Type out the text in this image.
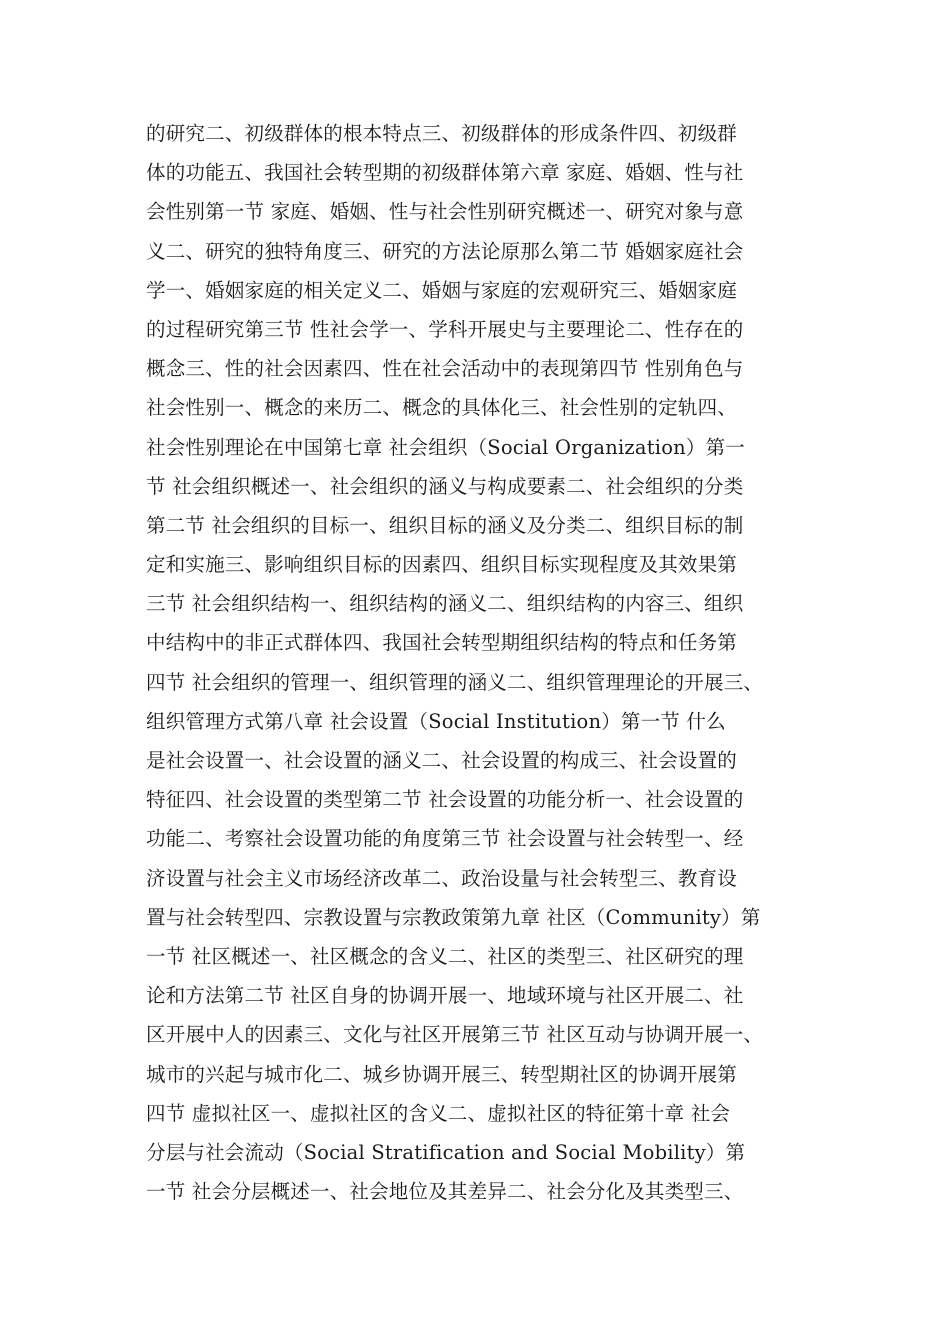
的研究二、初级群体的根本特点三、初级群体的形成条件四、初级群
体的功能五、我国社会转型期的初级群体第六章 家庭、婚姻、性与社
会性别第一节 家庭、婚姻、性与社会性别研究概述一、研究对象与意
义二、研究的独特角度三、研究的方法论原那么第二节 婚姻家庭社会
学一、婚姻家庭的相关定义二、婚姻与家庭的宏观研究三、婚姻家庭
的过程研究第三节 性社会学一、学科开展史与主要理论二、性存在的
概念三、性的社会因素四、性在社会活动中的表现第四节 性别角色与
社会性别一、概念的来历二、概念的具体化三、社会性别的定轨四、
社会性别理论在中国第七章 社会组织（Social Organization）第一
节 社会组织概述一、社会组织的涵义与构成要素二、社会组织的分类
第二节 社会组织的目标一、组织目标的涵义及分类二、组织目标的制
定和实施三、影响组织目标的因素四、组织目标实现程度及其效果第
三节 社会组织结构一、组织结构的涵义二、组织结构的内容三、组织
中结构中的非正式群体四、我国社会转型期组织结构的特点和任务第
四节 社会组织的管理一、组织管理的涵义二、组织管理理论的开展三、
组织管理方式第八章 社会设置（Social Institution）第一节 什么
是社会设置一、社会设置的涵义二、社会设置的构成三、社会设置的
特征四、社会设置的类型第二节 社会设置的功能分析一、社会设置的
功能二、考察社会设置功能的角度第三节 社会设置与社会转型一、经
济设置与社会主义市场经济改革二、政治设量与社会转型三、教育设
置与社会转型四、宗教设置与宗教政策第九章 社区（Community）第
一节 社区概述一、社区概念的含义二、社区的类型三、社区研究的理
论和方法第二节 社区自身的协调开展一、地域环境与社区开展二、社
区开展中人的因素三、文化与社区开展第三节 社区互动与协调开展一、
城市的兴起与城市化二、城乡协调开展三、转型期社区的协调开展第
四节 虚拟社区一、虚拟社区的含义二、虚拟社区的特征第十章 社会
分层与社会流动（Social Stratification and Social Mobility）第
一节 社会分层概述一、社会地位及其差异二、社会分化及其类型三、
